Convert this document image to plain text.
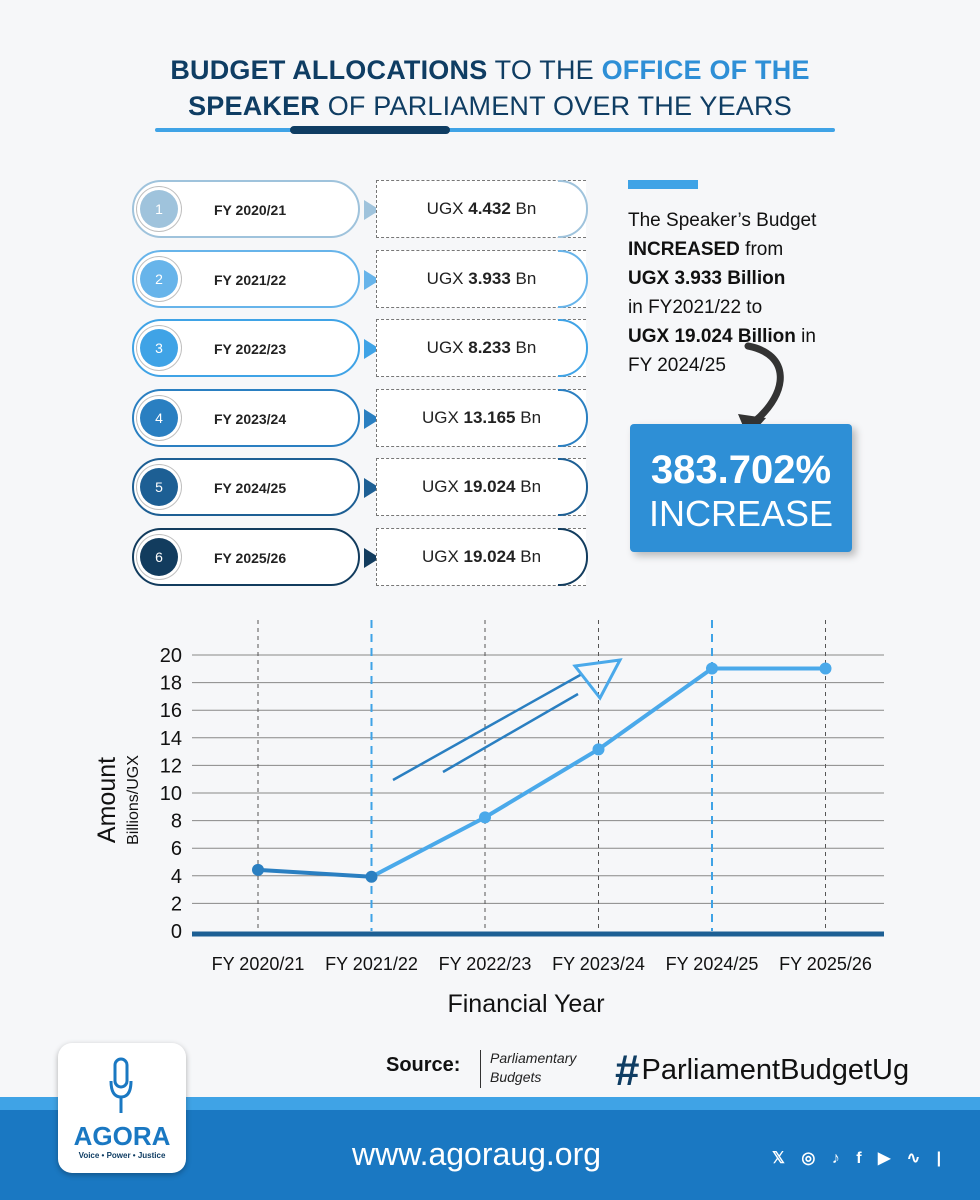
BUDGET ALLOCATIONS TO THE OFFICE OF THE
SPEAKER OF PARLIAMENT OVER THE YEARS
1	FY 2020/21	UGX 4.432 Bn
2	FY 2021/22	UGX 3.933 Bn
3	FY 2022/23	UGX 8.233 Bn
4	FY 2023/24	UGX 13.165 Bn
5	FY 2024/25	UGX 19.024 Bn
6	FY 2025/26	UGX 19.024 Bn
The Speaker’s Budget
INCREASED from
UGX 3.933 Billion
in FY2021/22 to
UGX 19.024 Billion in
FY 2024/25
383.702%
INCREASE
0
2
4
6
8
10
12
14
16
18
20
FY 2020/21 FY 2021/22 FY 2022/23 FY 2023/24 FY 2024/25 FY 2025/26
Financial Year
Amount Billions/UGX
Source: Parliamentary
Budgets	#ParliamentBudgetUg
www.agoraug.org	𝕏 ◎ ♪ f ▶ ∿ |
AGORA
Voice • Power • Justice
